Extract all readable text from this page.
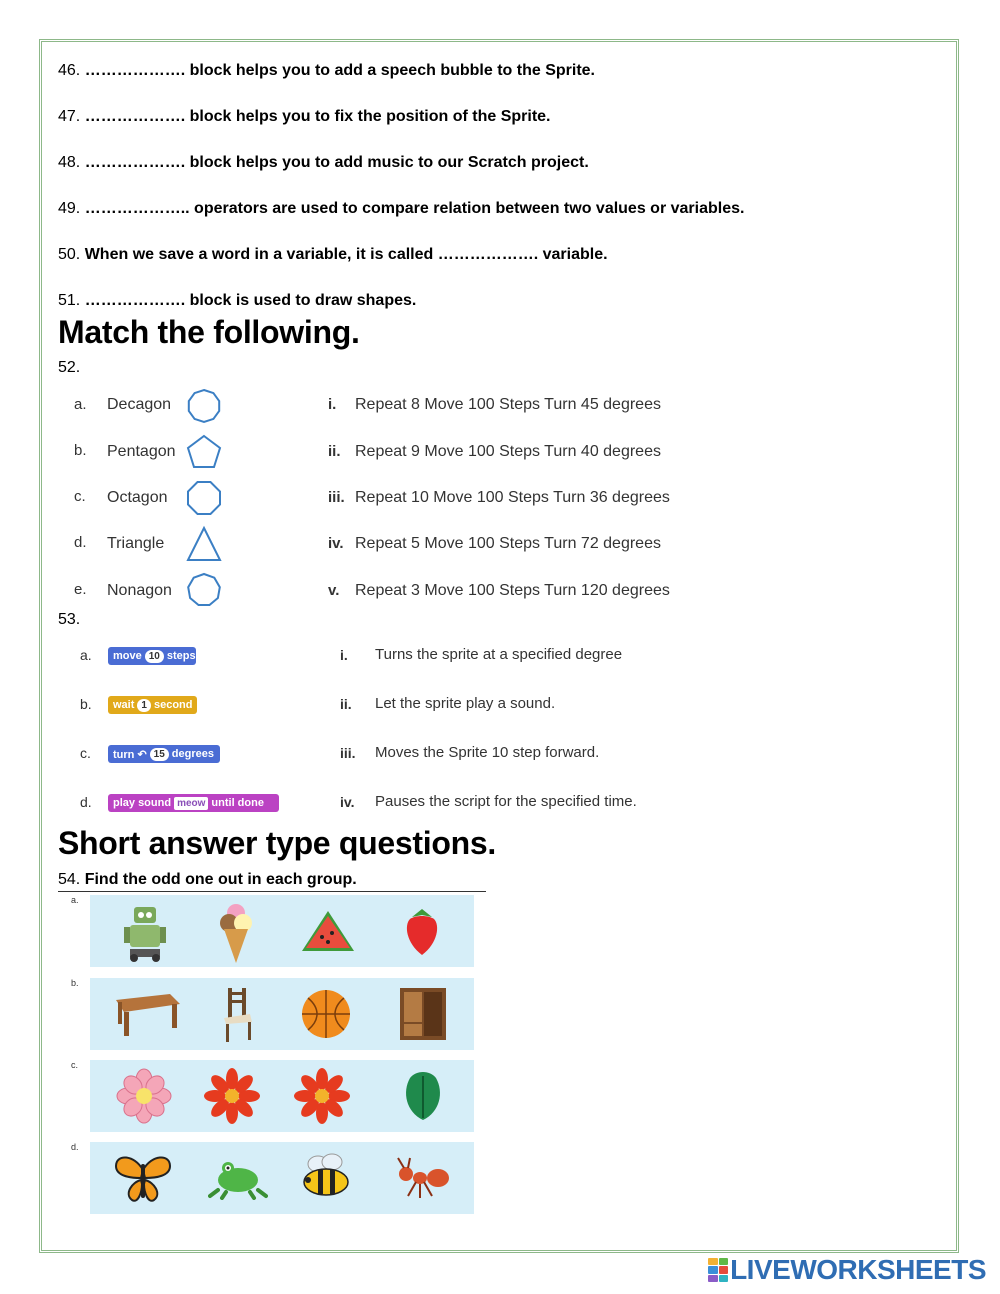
46. ………………. block helps you to add a speech bubble to the Sprite.
47. ………………. block helps you to fix the position of the Sprite.
48. ………………. block helps you to add music to our Scratch project.
49. ……………….. operators are used to compare relation between two values or variables.
50. When we save a word in a variable, it is called ………………. variable.
51. ………………. block is used to draw shapes.
Match the following.
52.
a. Decagon	i. Repeat 8 Move 100 Steps Turn 45 degrees
b. Pentagon	ii. Repeat 9 Move 100 Steps Turn 40 degrees
c. Octagon	iii. Repeat 10 Move 100 Steps Turn 36 degrees
d. Triangle	iv. Repeat 5 Move 100 Steps Turn 72 degrees
e. Nonagon	v. Repeat 3 Move 100 Steps Turn 120 degrees
53.
a. move 10 steps	i. Turns the sprite at a specified degree
b. wait 1 second	ii. Let the sprite play a sound.
c. turn ↶ 15 degrees	iii. Moves the Sprite 10 step forward.
d. play sound meow until done	iv. Pauses the script for the specified time.
Short answer type questions.
54. Find the odd one out in each group.
a.
b.
c.
d.
LIVEWORKSHEETS
